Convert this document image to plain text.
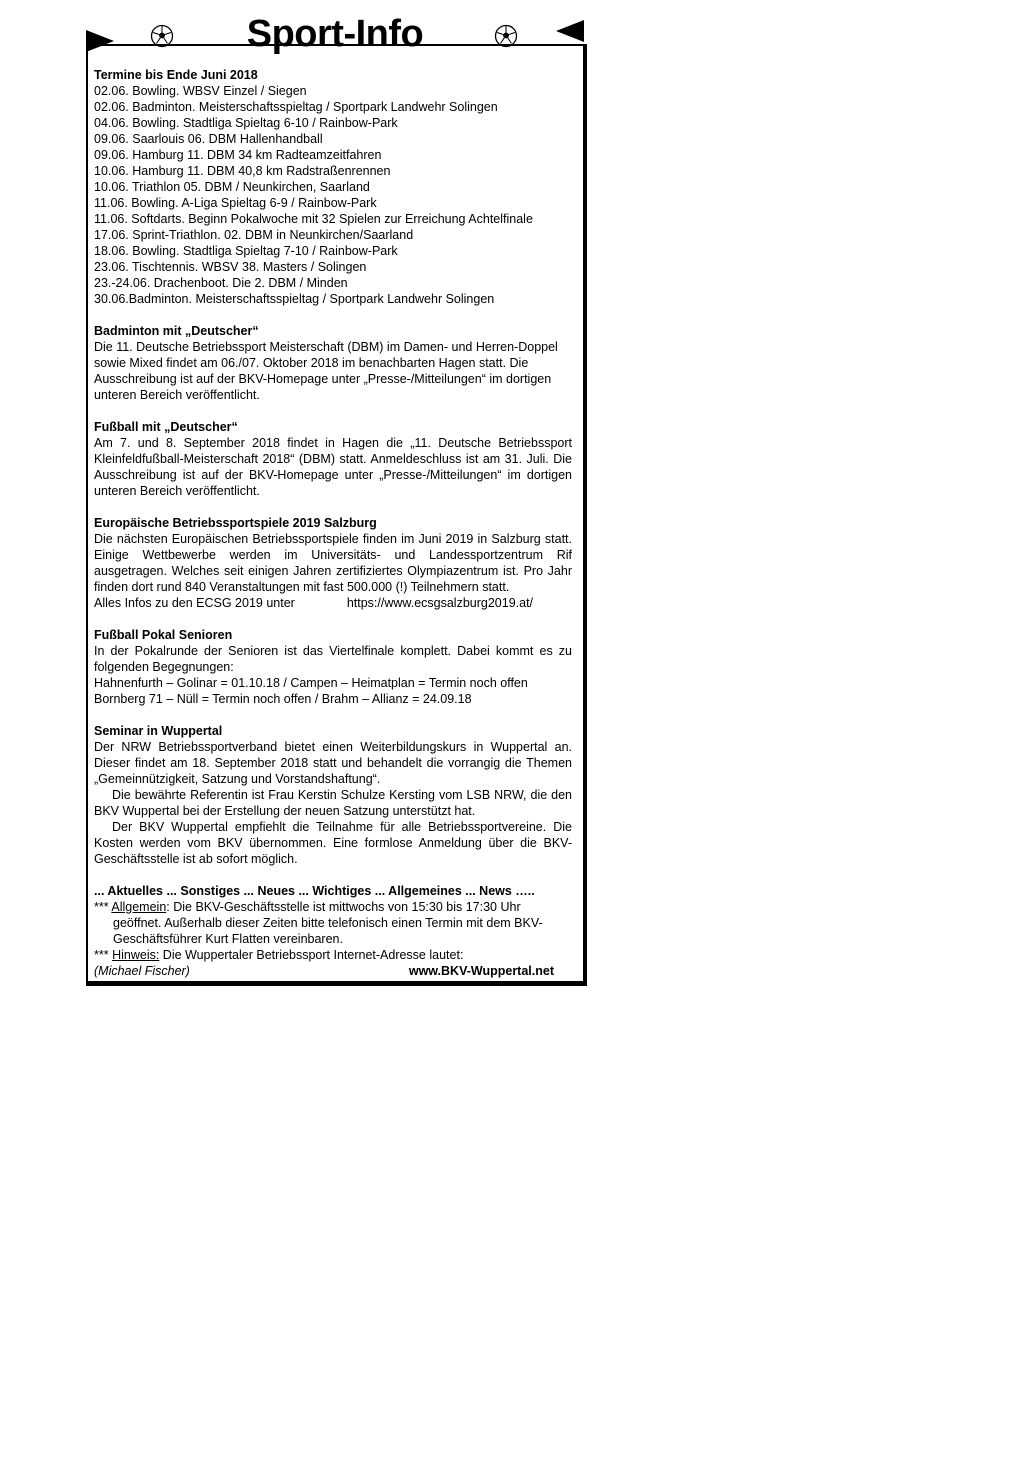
Sport-Info

Termine bis Ende Juni 2018

02.06. Bowling. WBSV Einzel / Siegen

02.06. Badminton. Meisterschaftsspieltag / Sportpark Landwehr Solingen

04.06. Bowling. Stadtliga Spieltag 6-10 / Rainbow-Park

09.06. Saarlouis 06. DBM Hallenhandball

09.06. Hamburg 11. DBM 34 km Radteamzeitfahren

10.06. Hamburg 11. DBM 40,8 km Radstraßenrennen

10.06. Triathlon 05. DBM / Neunkirchen, Saarland

11.06. Bowling. A-Liga Spieltag 6-9 / Rainbow-Park

11.06. Softdarts. Beginn Pokalwoche mit 32 Spielen zur Erreichung Achtelfinale

17.06. Sprint-Triathlon. 02. DBM in Neunkirchen/Saarland

18.06. Bowling. Stadtliga Spieltag 7-10 / Rainbow-Park

23.06. Tischtennis. WBSV 38. Masters / Solingen

23.-24.06. Drachenboot. Die 2. DBM / Minden

30.06.Badminton. Meisterschaftsspieltag / Sportpark Landwehr Solingen

Badminton mit „Deutscher“

Die 11. Deutsche Betriebssport Meisterschaft (DBM) im Damen- und Herren-Doppel sowie Mixed findet am 06./07. Oktober 2018 im benachbarten Hagen statt. Die Ausschreibung ist auf der BKV-Homepage unter „Presse-/Mitteilungen“ im dortigen unteren Bereich veröffentlicht.

Fußball mit „Deutscher“

Am 7. und 8. September 2018 findet in Hagen die „11. Deutsche Betriebssport Kleinfeldfußball-Meisterschaft 2018“ (DBM) statt. Anmeldeschluss ist am 31. Juli. Die Ausschreibung ist auf der BKV-Homepage unter „Presse-/Mitteilungen“ im dortigen unteren Bereich veröffentlicht.

Europäische Betriebssportspiele 2019 Salzburg

Die nächsten Europäischen Betriebssportspiele finden im Juni 2019 in Salzburg statt. Einige Wettbewerbe werden im Universitäts- und Landessportzentrum Rif ausgetragen. Welches seit einigen Jahren zertifiziertes Olympiazentrum ist. Pro Jahr finden dort rund 840 Veranstaltungen mit fast 500.000 (!) Teilnehmern statt.

Alles Infos zu den ECSG 2019 unter	https://www.ecsgsalzburg2019.at/

Fußball Pokal Senioren

In der Pokalrunde der Senioren ist das Viertelfinale komplett. Dabei kommt es zu folgenden Begegnungen:

Hahnenfurth – Golinar = 01.10.18 / Campen – Heimatplan = Termin noch offen

Bornberg 71 – Nüll = Termin noch offen / Brahm – Allianz = 24.09.18

Seminar in Wuppertal

Der NRW Betriebssportverband bietet einen Weiterbildungskurs in Wuppertal an. Dieser findet am 18. September 2018 statt und behandelt die vorrangig die Themen „Gemeinnützigkeit, Satzung und Vorstandshaftung“.

Die bewährte Referentin ist Frau Kerstin Schulze Kersting vom LSB NRW, die den BKV Wuppertal bei der Erstellung der neuen Satzung unterstützt hat.

Der BKV Wuppertal empfiehlt die Teilnahme für alle Betriebssportvereine. Die Kosten werden vom BKV übernommen. Eine formlose Anmeldung über die BKV-Geschäftsstelle ist ab sofort möglich.

... Aktuelles ... Sonstiges ... Neues ... Wichtiges ... Allgemeines ... News …..

*** Allgemein: Die BKV-Geschäftsstelle ist mittwochs von 15:30 bis 17:30 Uhr geöffnet. Außerhalb dieser Zeiten bitte telefonisch einen Termin mit dem BKV-Geschäftsführer Kurt Flatten vereinbaren.

*** Hinweis: Die Wuppertaler Betriebssport Internet-Adresse lautet:

(Michael Fischer)	www.BKV-Wuppertal.net
